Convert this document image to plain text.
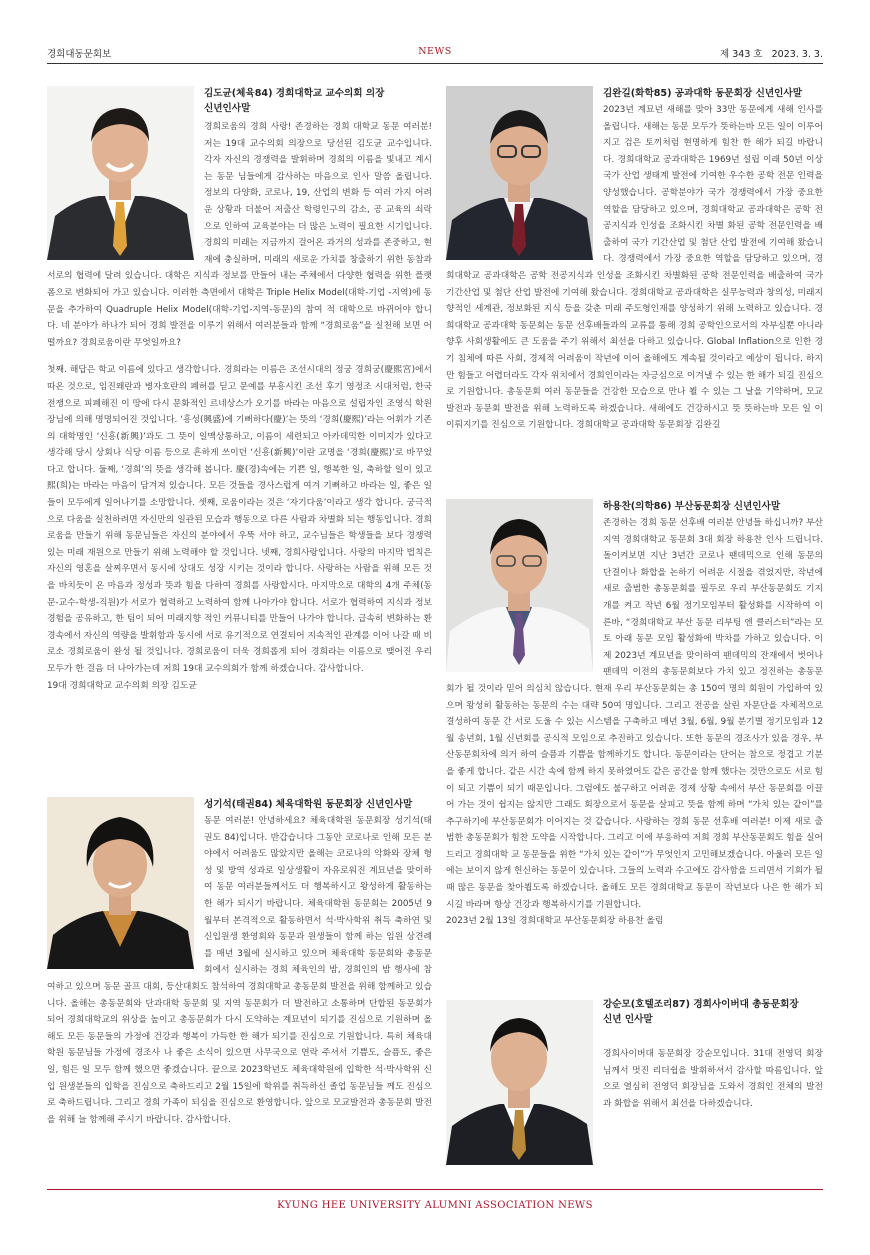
경희대동문회보	NEWS	제 343 호 2023. 3. 3.
김도균(체육84) 경희대학교 교수의회 의장
신년인사말

경희로움의 경희 사랑! 존경하는 경희 대학교 동문 여러분! 저는 19대 교수의회 의장으로 당선된 김도균 교수입니다. 각자 자신의 경쟁력을 발휘하며 경희의 이름을 빛내고 계시는 동문 님들에게 감사하는 마음으로 인사 말씀 올립니다. 정보의 다양화, 코로나, 19, 산업의 변화 등 여러 가지 어려운 상황과 더불어 저출산 학령인구의 감소, 공 교육의 쇠락으로 인하여 교육분야는 더 많은 노력이 필요한 시기입니다. 경희의 미래는 지금까지 걸어온 과거의 성과를 존중하고, 현재에 충실하며, 미래의 새로운 가치를 창출하기 위한 동참과 서로의 협력에 달려 있습니다. 대학은 지식과 정보를 만들어 내는 주체에서 다양한 협력을 위한 플랫 폼으로 변화되어 가고 있습니다. 이러한 측면에서 대학은 Triple Helix Model(대학-기업 -지역)에 동문을 추가하여 Quadruple Helix Model(대학-기업-지역-동문)의 참여 적 대학으로 바뀌어야 합니다. 네 분야가 하나가 되어 경희 발전을 이루기 위해서 여러분들과 함께 “경희로움”을 실천해 보면 어떨까요? 경희로움이란 무엇일까요?

첫째. 해답은 학교 이름에 있다고 생각합니다. 경희라는 이름은 조선시대의 정궁 경희궁(慶熙宮)에서 따온 것으로, 임진왜란과 병자호란의 폐허를 딛고 문예를 부흥시킨 조선 후기 영정조 시대처럼, 한국 전쟁으로 피폐해진 이 땅에 다시 문화적인 르네상스가 오기를 바라는 마음으로 설립자인 조영식 학원장님에 의해 명명되어진 것입니다. ‘흥성(興盛)에 기뻐하다(慶)’는 뜻의 ‘경희(慶熙)’라는 어휘가 기존의 대학명인 ‘신흥(新興)’과도 그 뜻이 일맥상통하고, 이름이 세련되고 아카데믹한 이미지가 있다고 생각해 당시 상회나 식당 이름 등으로 흔하게 쓰이던 ‘신흥(新興)’이란 교명을 ‘경희(慶熙)’로 바꾸었다고 합니다. 둘째, ‘경희’의 뜻을 생각해 봅니다. 慶(경)속에는 기쁜 일, 행복한 일, 축하할 일이 있고 熙(희)는 바라는 마음이 담겨져 있습니다. 모든 것들을 경사스럽게 여겨 기뻐하고 바라는 일, 좋은 일들이 모두에게 일어나기를 소망합니다. 셋째, 로움이라는 것은 ‘자기다움’이라고 생각 합니다. 궁극적으로 다움을 실천하려면 자신만의 일관된 모습과 행동으로 다른 사람과 차별화 되는 행동입니다. 경희로움을 만들기 위해 동문님들은 자신의 분야에서 우뚝 서야 하고, 교수님들은 학생들을 보다 경쟁력 있는 미래 재원으로 만들기 위해 노력해야 할 것입니다. 넷째, 경희사랑입니다. 사랑의 마지막 법칙은 자신의 영혼을 살찌우면서 동시에 상대도 성장 시키는 것이라 합니다. 사랑하는 사람을 위해 모든 것을 바치듯이 온 마음과 정성과 뜻과 힘을 다하여 경희를 사랑합시다. 마지막으로 대학의 4개 주체(동문-교수-학생-직원)가 서로가 협력하고 노력하여 함께 나아가야 합니다. 서로가 협력하여 지식과 정보 경험을 공유하고, 한 팀이 되어 미래지향 적인 커뮤니티를 만들어 나가야 합니다. 급속히 변화하는 환 경속에서 자신의 역량을 발휘함과 동시에 서로 유기적으로 연결되어 지속적인 관계를 이어 나갈 때 비로소 경희로움이 완성 될 것입니다. 경희로움이 더욱 경희롭게 되어 경희라는 이름으로 맺어진 우리 모두가 한 걸음 더 나아가는데 저희 19대 교수의회가 함께 하겠습니다. 감사합니다.

19대 경희대학교 교수의회 의장 김도균

성기석(태권84) 체육대학원 동문회장 신년인사말
김완길(화학85) 공과대학 동문회장 신년인사말
하용찬(의학86) 부산동문회장 신년인사말
강순모(호텔조리87) 경희사이버대 총동문회장
신년 인사말

동문 여러분! 안녕하세요? 체육대학원 동문회장 성기석(태권도 84)입니다. 반갑습니다 그동안 코로나로 인해 모든 분야에서 어려움도 많았지만 올해는 코로나의 악화와 장체 형성 및 방역 성과로 일상생활이 자유로워진 계묘년을 맞이하여 동문 여러분들께서도 더 행복하시고 왕성하게 활동하는 한 해가 되시기 바랍니다. 체육대학원 동문회는 2005년 9월부터 본격적으로 활동하면서 석·박사학위 취득 축하연 및 신입원생 환영회와 동문과 원생들이 함께 하는 임원 상견례를 매년 3월에 실시하고 있으며 체육대학 동문회와 총동문회에서 실시하는 경희 체육인의 밤, 경희인의 밤 행사에 참여하고 있으며 동문 골프 대회, 등산대회도 참석하여 경희대학교 총동문회 발전을 위해 함께하고 있습니다. 올해는 총동문회와 단과대학 동문회 및 지역 동문회가 더 발전하고 소통하며 단합된 동문회가 되어 경희대학교의 위상을 높이고 총동문회가 다시 도약하는 계묘년이 되기를 진심으로 기원하며 올해도 모든 동문들의 가정에 건강과 행복이 가득한 한 해가 되기를 진심으로 기원합니다. 특히 체육대학원 동문님들 가정에 경조사 나 좋은 소식이 있으면 사무국으로 연락 주셔서 기쁨도, 슬픔도, 좋은 일, 힘든 일 모두 함께 했으면 좋겠습니다. 끝으로 2023학년도 체육대학원에 입학한 석·박사학위 신입 원생분들의 입학을 진심으로 축하드리고 2월 15일에 학위를 취득하신 졸업 동문님들 께도 진심으로 축하드립니다. 그리고 경희 가족이 되심을 진심으로 환영합니다. 앞으로 모교발전과 총동문회 발전을 위해 늘 함께해 주시기 바랍니다. 감사합니다.

2023년 계묘년 새해를 맞아 33만 동문에게 새해 인사를 올립니다. 새해는 동문 모두가 뜻하는바 모든 일이 이루어지고 검은 토끼처럼 현명하게 힘찬 한 해가 되길 바랍니다. 경희대학교 공과대학은 1969년 설립 이래 50년 이상 국가 산업 생태계 발전에 기여한 우수한 공학 전문 인력을 양성했습니다. 공학분야가 국가 경쟁력에서 가장 중요한 역할을 담당하고 있으며, 경희대학교 공과대학은 공학 전공지식과 인성을 조화시킨 차별 화된 공학 전문인력을 배출하여 국가 기간산업 및 첨단 산업 발전에 기여해 왔습니다. 경쟁력에서 가장 중요한 역할을 담당하고 있으며, 경희대학교 공과대학은 공학 전공지식과 인성을 조화시킨 차별화된 공학 전문인력을 배출하여 국가 기간산업 및 첨단 산업 발전에 기여해 왔습니다. 경희대학교 공과대학은 실무능력과 창의성, 미래지향적인 세계관, 정보화된 지식 등을 갖춘 미래 주도형인재를 양성하기 위해 노력하고 있습니다. 경희대학교 공과대학 동문회는 동문 선후배들과의 교류를 통해 경희 공학인으로서의 자부심뿐 아니라 향후 사회생활에도 큰 도움을 주기 위해서 최선을 다하고 있습니다. Global Inflation으로 인한 경기 침체에 따른 사회, 경제적 어려움이 작년에 이어 올해에도 계속될 것이라고 예상이 됩니다. 하지만 힘들고 어렵더라도 각자 위치에서 경희인이라는 자긍심으로 이겨낼 수 있는 한 해가 되길 진심으로 기원합니다. 총동문회 여러 동문들을 건강한 모습으로 만나 뵐 수 있는 그 날을 기약하며, 모교 발전과 동문회 발전을 위해 노력하도록 하겠습니다. 새해에도 건강하시고 뜻 뜻하는바 모든 일 이 이뤄지기를 진심으로 기원합니다. 경희대학교 공과대학 동문회장 김완길

존경하는 경희 동문 선후배 여러분 안녕들 하십니까? 부산지역 경희대학교 동문회 3대 회장 하용찬 인사 드립니다. 돌이켜보면 지난 3년간 코로나 팬데믹으로 인해 동문의 단결이나 화합을 논하기 어려운 시절을 겪었지만, 작년에 새로 출범한 총동문회를 필두로 우리 부산동문회도 기지개를 켜고 작년 6월 정기모임부터 활성화를 시작하여 이른바, “경희대학교 부산 동문 리부팅 엔 클러스터”라는 모토 아래 동문 모임 활성화에 박차를 가하고 있습니다. 이제 2023년 계묘년을 맞이하여 팬데믹의 잔재에서 벗어나 팬데믹 이전의 총동문회보다 가치 있고 정진하는 총동문회가 될 것이라 믿어 의심치 않습니다. 현재 우리 부산동문회는 총 150여 명의 회원이 가입하여 있으며 왕성히 활동하는 동문의 수는 대략 50여 명입니다. 그리고 전공을 살린 자문단을 자체적으로 결성하여 동문 간 서로 도울 수 있는 시스템을 구축하고 매년 3월, 6월, 9월 분기별 정기모임과 12월 송년회, 1월 신년회를 공식적 모임으로 추진하고 있습니다. 또한 동문의 경조사가 있을 경우, 부산동문회차에 의거 하여 슬픔과 기쁨을 함께하기도 합니다. 동문이라는 단어는 참으로 정겹고 기분을 좋게 합니다. 같은 시간 속에 함께 하지 못하였어도 같은 공간을 함께 했다는 것만으로도 서로 힘이 되고 기쁨이 되기 때문입니다. 그럼에도 불구하고 어려운 경제 상황 속에서 부산 동문회를 이끌어 가는 것이 쉽지는 않지만 그래도 회장으로서 동문을 살피고 뜻을 함께 하며 “가치 있는 같이”를 추구하기에 부산동문회가 이어지는 것 같습니다. 사랑하는 경희 동문 선후배 여러분! 이제 새로 출범한 총동문회가 힘찬 도약을 시작합니다. 그리고 이에 부응하여 저희 경희 부산동문회도 힘을 실어드리고 경희대학 교 동문들을 위한 “가치 있는 같이”가 무엇인지 고민해보겠습니다. 아울러 모든 일에는 보이지 않게 헌신하는 동문이 있습니다. 그들의 노력과 수고에도 감사함을 드리면서 기회가 될 때 많은 동문을 찾아뵙도록 하겠습니다. 올해도 모든 경희대학교 동문이 작년보다 나은 한 해가 되시길 바라며 항상 건강과 행복하시기를 기원합니다.

2023년 2월 13일 경희대학교 부산동문회장 하용찬 올림

경희사이버대 동문회장 강순모입니다. 31대 전영덕 회장님께서 멋진 리더쉽을 발휘하셔서 감사할 따름입니다. 앞으로 열심히 전영덕 회장님을 도와서 경희인 전체의 발전과 화합을 위해서 최선을 다하겠습니다.

KYUNG HEE UNIVERSITY ALUMNI ASSOCIATION NEWS
